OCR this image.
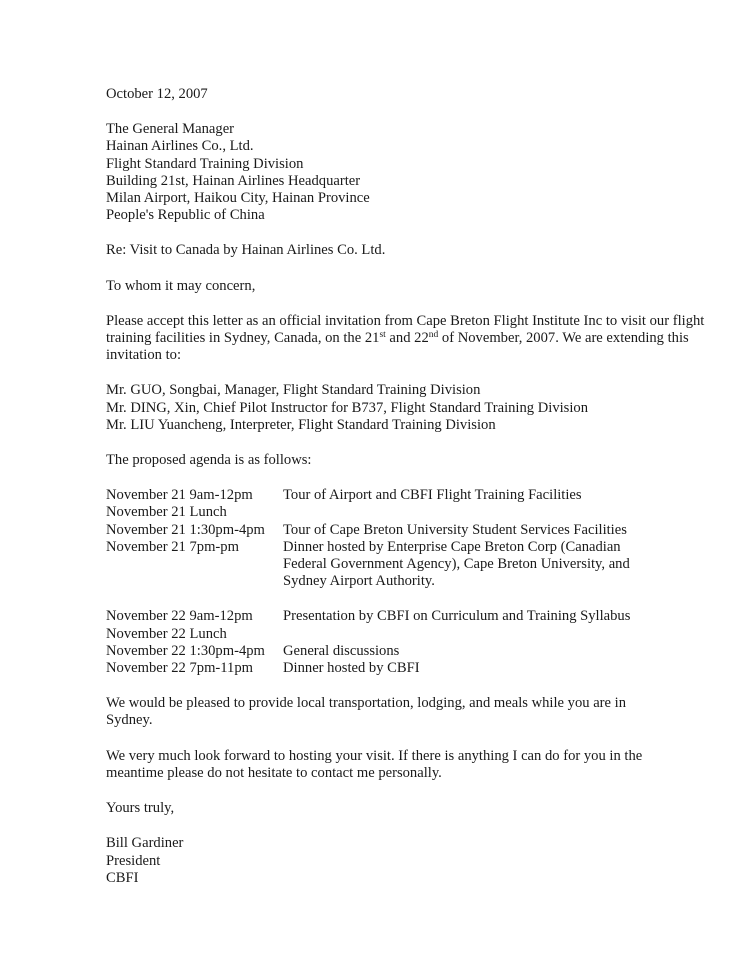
October 12, 2007
The General Manager
Hainan Airlines Co., Ltd.
Flight Standard Training Division
Building 21st, Hainan Airlines Headquarter
Milan Airport, Haikou City, Hainan Province
People's Republic of China
Re: Visit to Canada by Hainan Airlines Co. Ltd.
To whom it may concern,
Please accept this letter as an official invitation from Cape Breton Flight Institute Inc to visit our flight training facilities in Sydney, Canada, on the 21st and 22nd of November, 2007. We are extending this invitation to:
Mr. GUO, Songbai, Manager, Flight Standard Training Division
Mr. DING, Xin, Chief Pilot Instructor for B737, Flight Standard Training Division
Mr. LIU Yuancheng, Interpreter, Flight Standard Training Division
The proposed agenda is as follows:
November 21 9am-12pm	Tour of Airport and CBFI Flight Training Facilities
November 21 Lunch
November 21 1:30pm-4pm	Tour of Cape Breton University Student Services Facilities
November 21 7pm-pm	Dinner hosted by Enterprise Cape Breton Corp (Canadian Federal Government Agency), Cape Breton University, and Sydney Airport Authority.
November 22 9am-12pm	Presentation by CBFI on Curriculum and Training Syllabus
November 22 Lunch
November 22 1:30pm-4pm	General discussions
November 22 7pm-11pm	Dinner hosted by CBFI
We would be pleased to provide local transportation, lodging, and meals while you are in Sydney.
We very much look forward to hosting your visit. If there is anything I can do for you in the meantime please do not hesitate to contact me personally.
Yours truly,
Bill Gardiner
President
CBFI
